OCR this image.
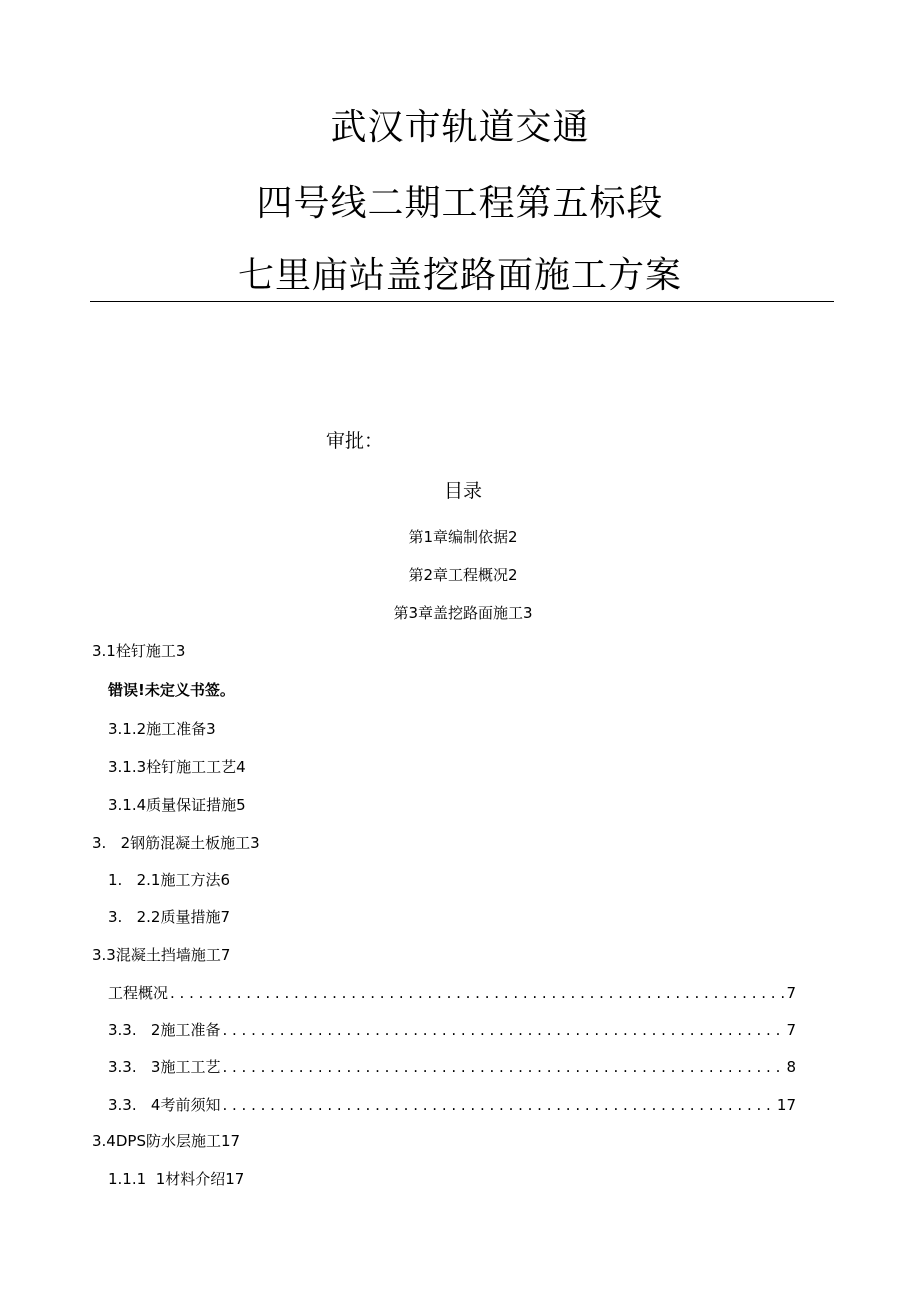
武汉市轨道交通
四号线二期工程第五标段
七里庙站盖挖路面施工方案
审批：
目录
第1章编制依据2
第2章工程概况2
第3章盖挖路面施工3
3.1栓钉施工3
错误!未定义书签。
3.1.2施工准备3
3.1.3栓钉施工工艺4
3.1.4质量保证措施5
3.   2钢筋混凝土板施工3
1.   2.1施工方法6
3.   2.2质量措施7
3.3混凝土挡墙施工7
工程概况 . . .	7
3.3.   2施工准备 . . .	7
3.3.   3施工工艺 . . .	8
3.3.   4考前须知 . . .	17
3.4DPS防水层施工17
1.1.1  1材料介绍17
